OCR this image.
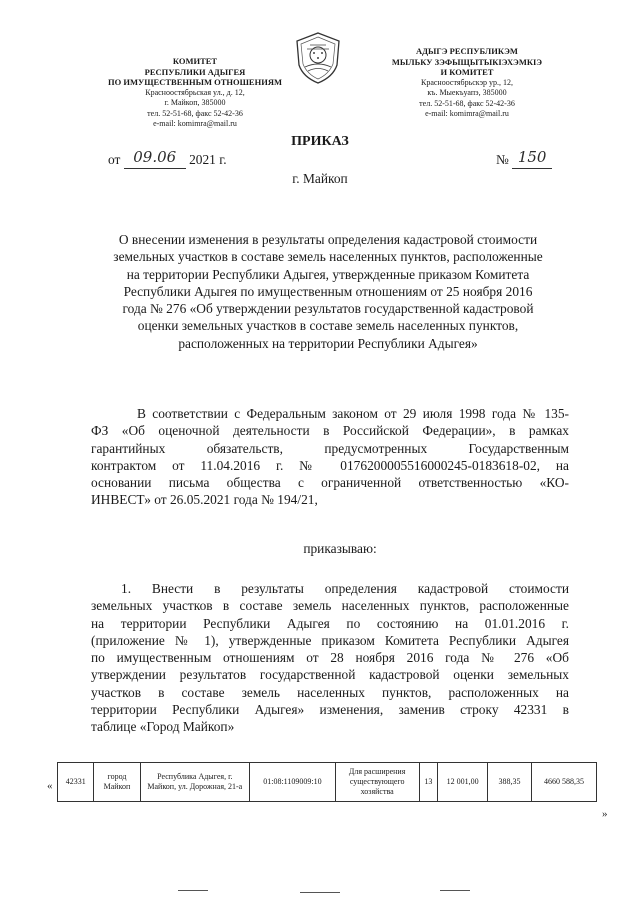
КОМИТЕТ
РЕСПУБЛИКИ АДЫГЕЯ
ПО ИМУЩЕСТВЕННЫМ ОТНОШЕНИЯМ
Красноостябрьская ул., д. 12,
г. Майкоп, 385000
тел. 52-51-68, факс 52-42-36
e-mail: komimra@mail.ru
АДЫГЭ РЕСПУБЛИКЭМ
МЫЛЬКУ ЗЭФЫЩЫТЫКІЭХЭМКІЭ
И КОМИТЕТ
Красноостябрьскэр ур., 12,
къ. Мыекъуапэ, 385000
тел. 52-51-68, факс 52-42-36
e-mail: komimra@mail.ru
ПРИКАЗ
от 09.06 2021 г.	№ 150
г. Майкоп
О внесении изменения в результаты определения кадастровой стоимости
земельных участков в составе земель населенных пунктов, расположенные
на территории Республики Адыгея, утвержденные приказом Комитета
Республики Адыгея по имущественным отношениям от 25 ноября 2016
года № 276 «Об утверждении результатов государственной кадастровой
оценки земельных участков в составе земель населенных пунктов,
расположенных на территории Республики Адыгея»
В соответствии с Федеральным законом от 29 июля 1998 года № 135-
ФЗ «Об оценочной деятельности в Российской Федерации», в рамках
гарантийных обязательств, предусмотренных Государственным
контрактом от 11.04.2016 г. № 0176200005516000245-0183618-02, на
основании письма общества с ограниченной ответственностью «КО-
ИНВЕСТ» от 26.05.2021 года № 194/21,
приказываю:
1. Внести в результаты определения кадастровой стоимости
земельных участков в составе земель населенных пунктов, расположенные
на территории Республики Адыгея по состоянию на 01.01.2016 г.
(приложение № 1), утвержденные приказом Комитета Республики Адыгея
по имущественным отношениям от 28 ноября 2016 года № 276 «Об
утверждении результатов государственной кадастровой оценки земельных
участков в составе земель населенных пунктов, расположенных на
территории Республики Адыгея» изменения, заменив строку 42331 в
таблице «Город Майкоп»
« 42331	город Майкоп	Республика Адыгея, г. Майкоп, ул. Дорожная, 21-а	01:08:1109009:10	Для расширения существующего хозяйства	13	12 001,00	388,35	4660 588,35
»
